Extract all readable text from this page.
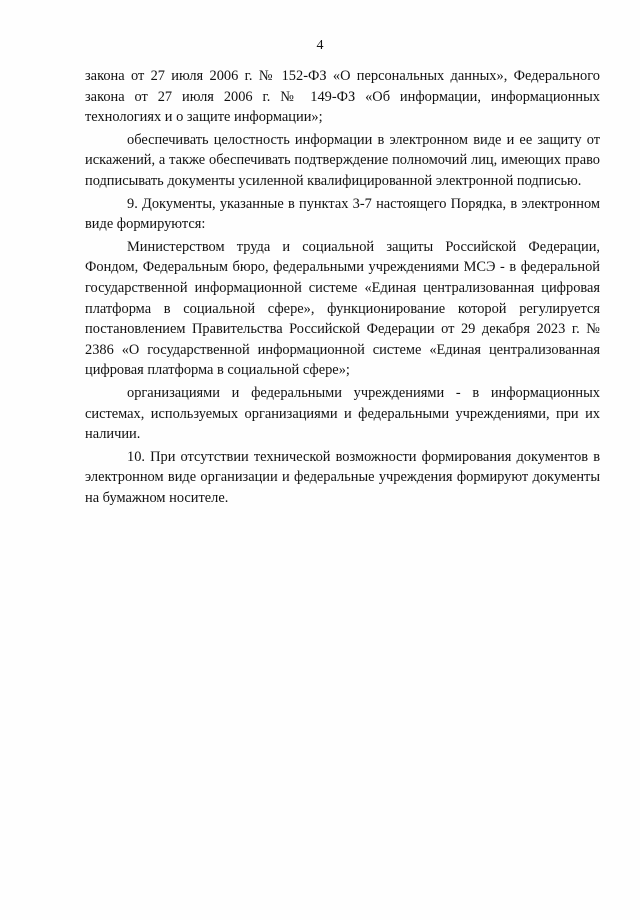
4

закона от 27 июля 2006 г. № 152-ФЗ «О персональных данных», Федерального закона от 27 июля 2006 г. № 149-ФЗ «Об информации, информационных технологиях и о защите информации»;

обеспечивать целостность информации в электронном виде и ее защиту от искажений, а также обеспечивать подтверждение полномочий лиц, имеющих право подписывать документы усиленной квалифицированной электронной подписью.

9. Документы, указанные в пунктах 3-7 настоящего Порядка, в электронном виде формируются:

Министерством труда и социальной защиты Российской Федерации, Фондом, Федеральным бюро, федеральными учреждениями МСЭ - в федеральной государственной информационной системе «Единая централизованная цифровая платформа в социальной сфере», функционирование которой регулируется постановлением Правительства Российской Федерации от 29 декабря 2023 г. № 2386 «О государственной информационной системе «Единая централизованная цифровая платформа в социальной сфере»;

организациями и федеральными учреждениями - в информационных системах, используемых организациями и федеральными учреждениями, при их наличии.

10. При отсутствии технической возможности формирования документов в электронном виде организации и федеральные учреждения формируют документы на бумажном носителе.
